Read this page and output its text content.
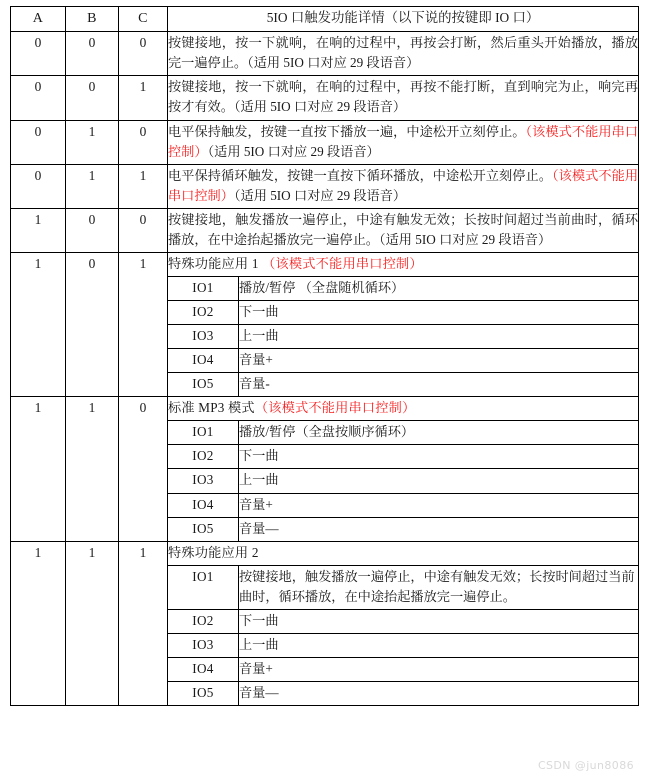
A	B	C	5IO 口触发功能详情（以下说的按键即 IO 口）	
0	0	0	按键接地，按一下就响，在响的过程中，再按会打断，然后重头开始播放，播放完一遍停止。（适用 5IO 口对应 29 段语音）	
0	0	1	按键接地，按一下就响，在响的过程中，再按不能打断，直到响完为止，响完再按才有效。（适用 5IO 口对应 29 段语音）	
0	1	0	电平保持触发，按键一直按下播放一遍，中途松开立刻停止。（该模式不能用串口控制）（适用 5IO 口对应 29 段语音）	
0	1	1	电平保持循环触发，按键一直按下循环播放，中途松开立刻停止。（该模式不能用串口控制）（适用 5IO 口对应 29 段语音）	
1	0	0	按键接地，触发播放一遍停止，中途有触发无效；长按时间超过当前曲时，循环播放，在中途抬起播放完一遍停止。（适用 5IO 口对应 29 段语音）	
1	0	1	特殊功能应用 1 （该模式不能用串口控制）	
			IO1	播放/暂停 （全盘随机循环）
			IO2	下一曲
			IO3	上一曲
			IO4	音量+
			IO5	音量-
1	1	0	标准 MP3 模式（该模式不能用串口控制）	
			IO1	播放/暂停（全盘按顺序循环）
			IO2	下一曲
			IO3	上一曲
			IO4	音量+
			IO5	音量—
1	1	1	特殊功能应用 2	
			IO1	按键接地，触发播放一遍停止，中途有触发无效；长按时间超过当前曲时，循环播放，在中途抬起播放完一遍停止。
			IO2	下一曲
			IO3	上一曲
			IO4	音量+
			IO5	音量—
CSDN @jun8086
